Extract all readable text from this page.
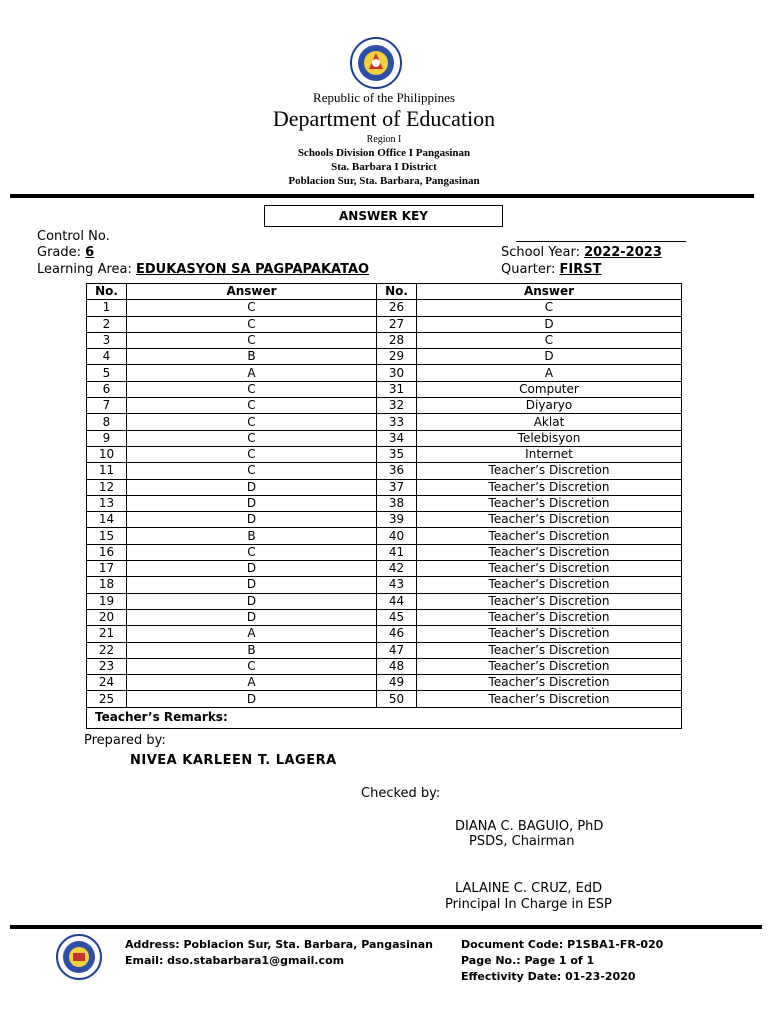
Republic of the Philippines
Department of Education
Region I
Schools Division Office I Pangasinan
Sta. Barbara I District
Poblacion Sur, Sta. Barbara, Pangasinan
ANSWER KEY
Control No.
Grade: 6
Learning Area: EDUKASYON SA PAGPAPAKATAO
School Year: 2022-2023
Quarter: FIRST
No.	Answer	No.	Answer
1	C	26	C
2	C	27	D
3	C	28	C
4	B	29	D
5	A	30	A
6	C	31	Computer
7	C	32	Diyaryo
8	C	33	Aklat
9	C	34	Telebisyon
10	C	35	Internet
11	C	36	Teacher’s Discretion
12	D	37	Teacher’s Discretion
13	D	38	Teacher’s Discretion
14	D	39	Teacher’s Discretion
15	B	40	Teacher’s Discretion
16	C	41	Teacher’s Discretion
17	D	42	Teacher’s Discretion
18	D	43	Teacher’s Discretion
19	D	44	Teacher’s Discretion
20	D	45	Teacher’s Discretion
21	A	46	Teacher’s Discretion
22	B	47	Teacher’s Discretion
23	C	48	Teacher’s Discretion
24	A	49	Teacher’s Discretion
25	D	50	Teacher’s Discretion
Teacher’s Remarks:			
Prepared by:
NIVEA KARLEEN T. LAGERA
Checked by:
DIANA C. BAGUIO, PhD
PSDS, Chairman
LALAINE C. CRUZ, EdD
Principal In Charge in ESP
Address: Poblacion Sur, Sta. Barbara, Pangasinan
Email: dso.stabarbara1@gmail.com
Document Code: P1SBA1-FR-020
Page No.: Page 1 of 1
Effectivity Date: 01-23-2020
